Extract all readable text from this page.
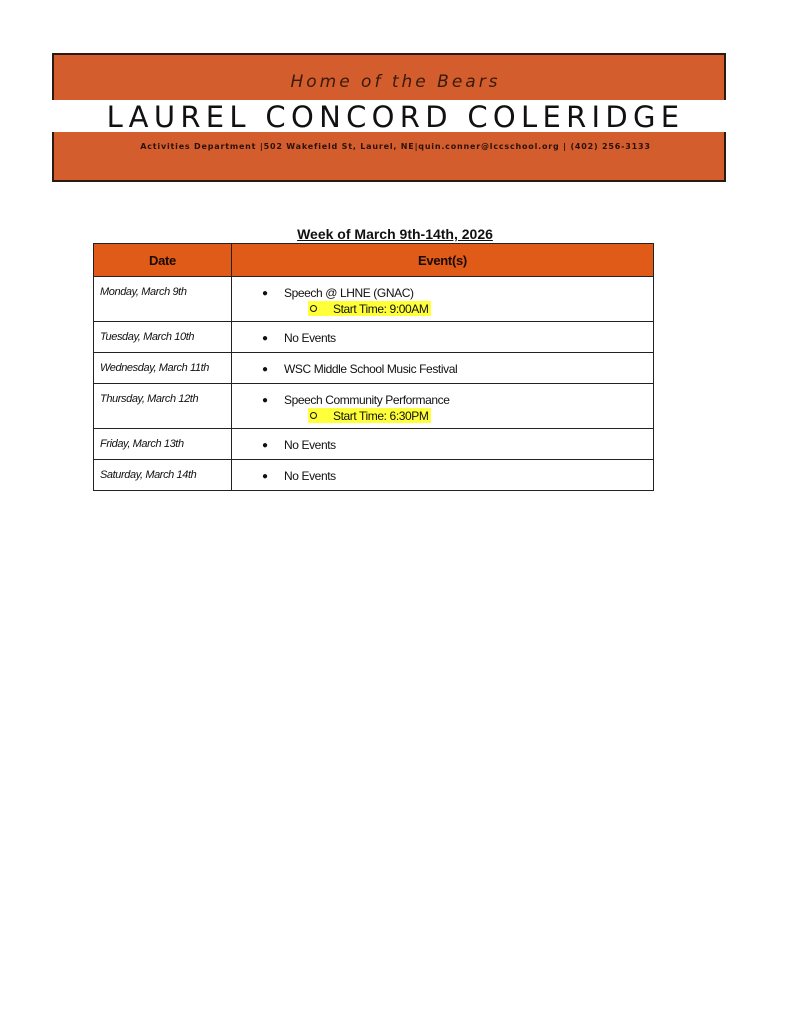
Home of the Bears
LAUREL CONCORD COLERIDGE
Activities Department |502 Wakefield St, Laurel, NE|quin.conner@lccschool.org | (402) 256-3133
Week of March 9th-14th, 2026
Date	Event(s)
Monday, March 9th	● Speech @ LHNE (GNAC)
Start Time: 9:00AM

Tuesday, March 10th	● No Events

Wednesday, March 11th	● WSC Middle School Music Festival

Thursday, March 12th	● Speech Community Performance
Start Time: 6:30PM

Friday, March 13th	● No Events

Saturday, March 14th	● No Events
